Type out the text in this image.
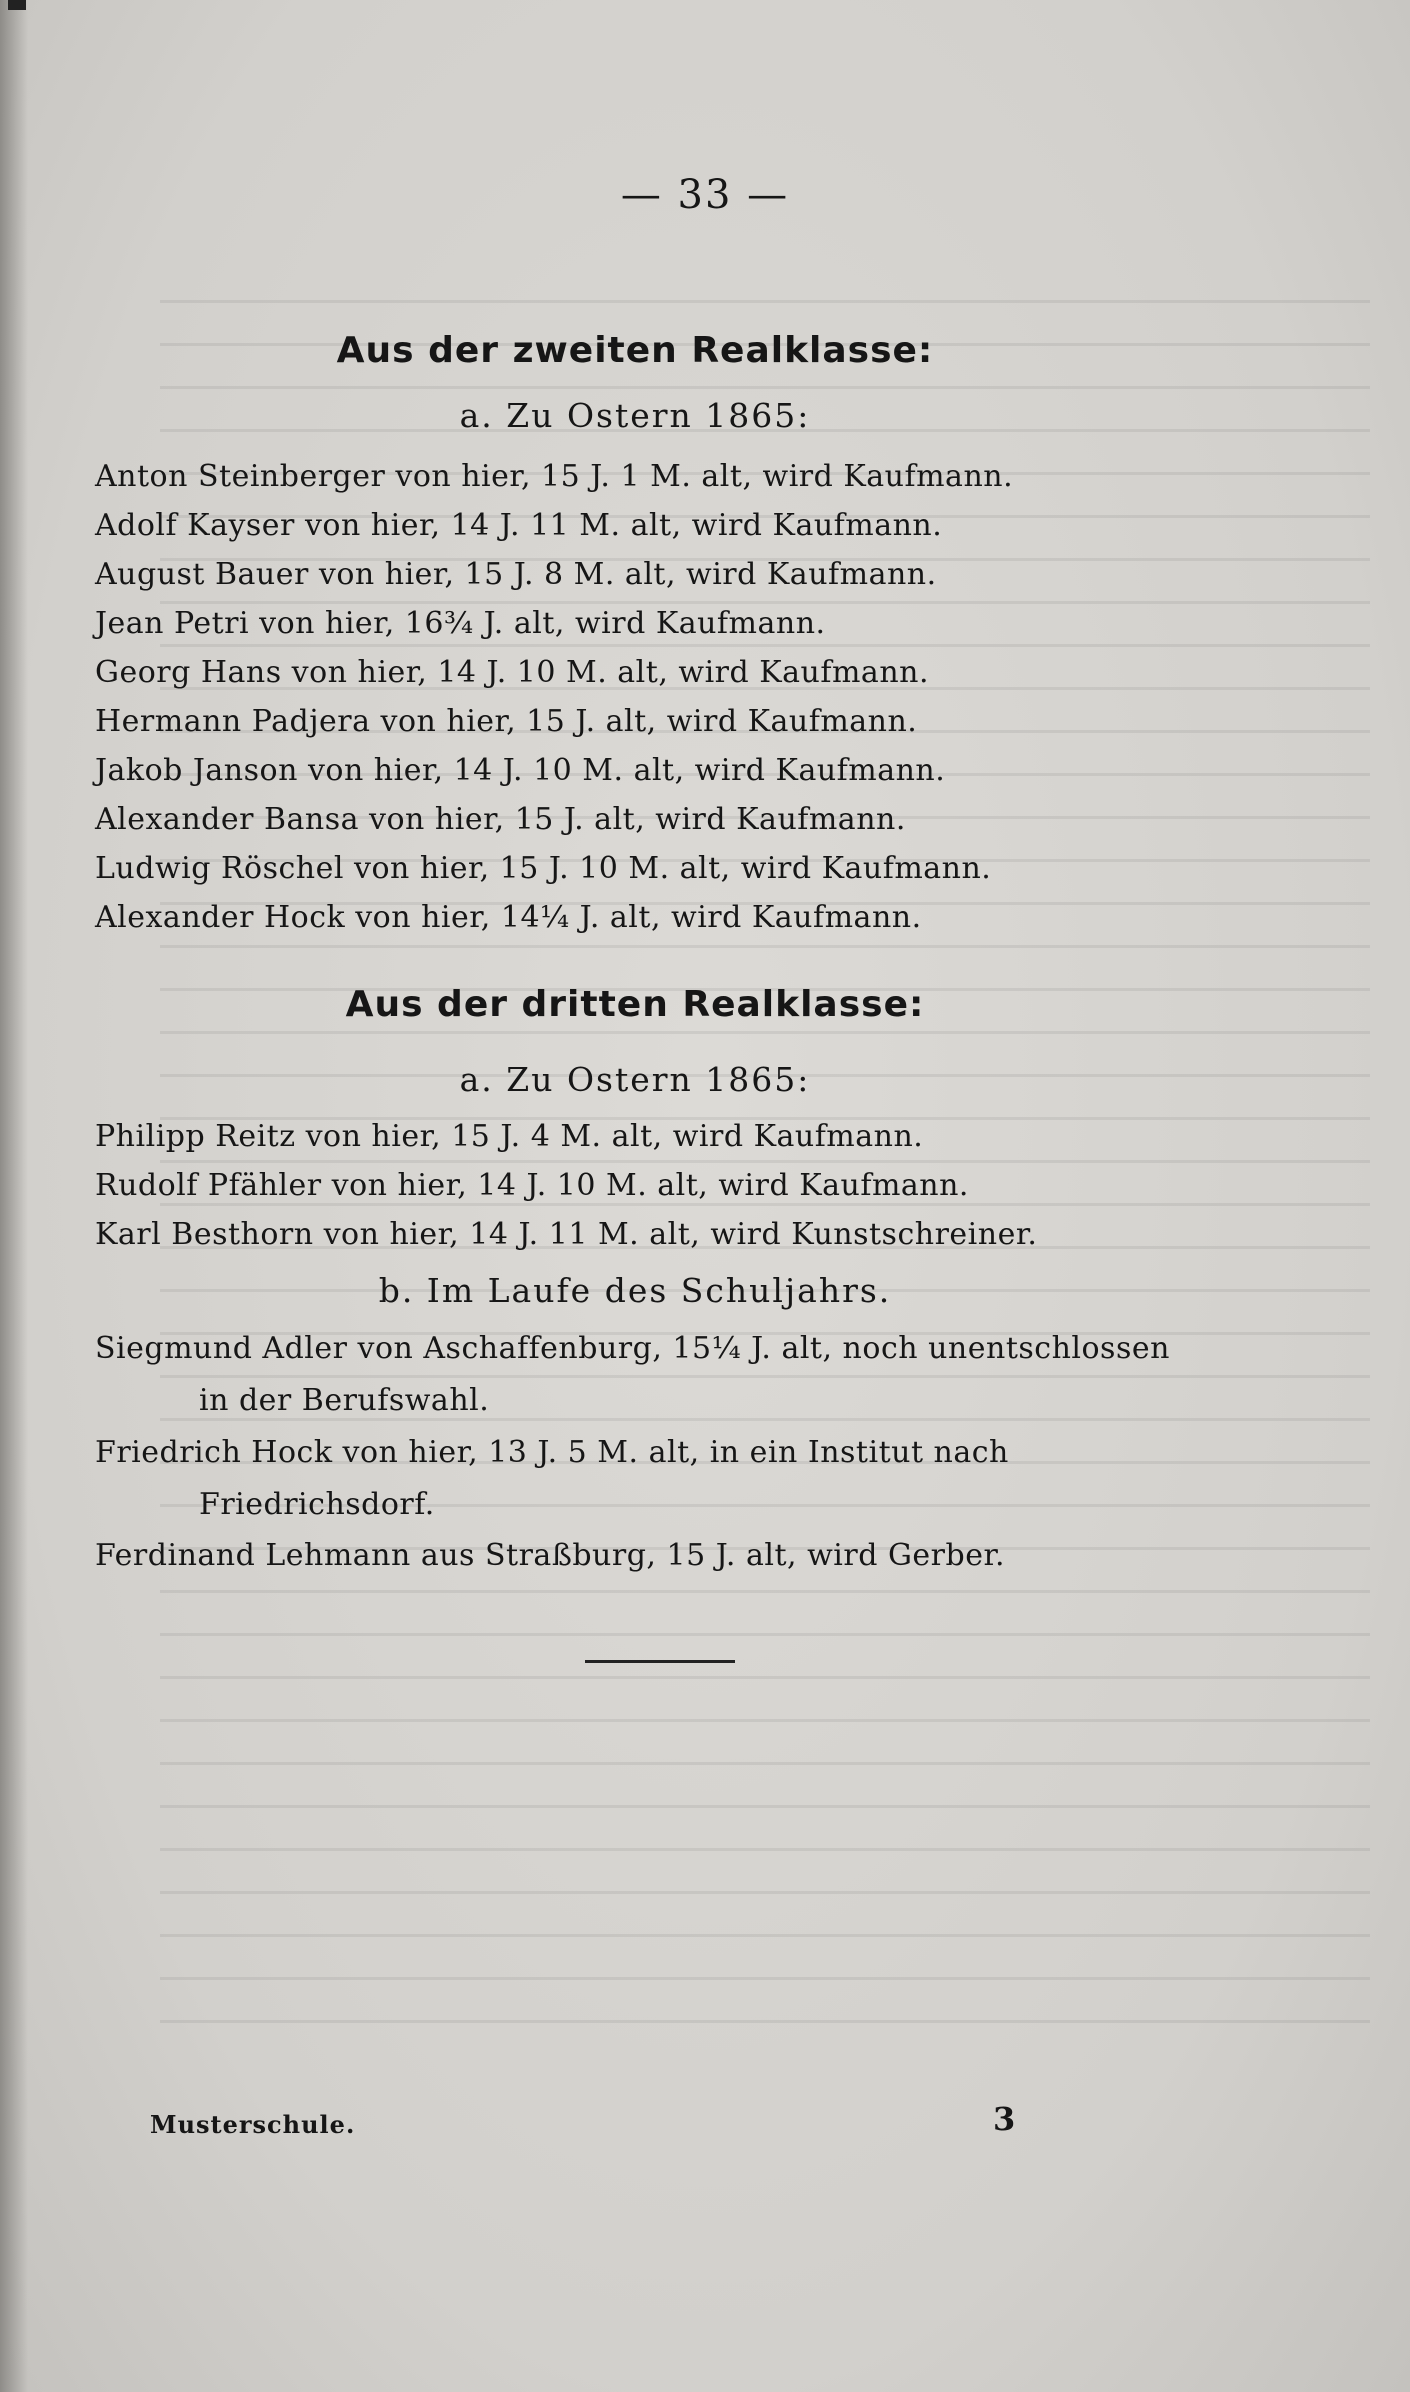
— 33 —
Aus der zweiten Realklasse:

a. Zu Ostern 1865:

Anton Steinberger von hier, 15 J. 1 M. alt, wird Kaufmann.

Adolf Kayser von hier, 14 J. 11 M. alt, wird Kaufmann.

August Bauer von hier, 15 J. 8 M. alt, wird Kaufmann.

Jean Petri von hier, 16¾ J. alt, wird Kaufmann.

Georg Hans von hier, 14 J. 10 M. alt, wird Kaufmann.

Hermann Padjera von hier, 15 J. alt, wird Kaufmann.

Jakob Janson von hier, 14 J. 10 M. alt, wird Kaufmann.

Alexander Bansa von hier, 15 J. alt, wird Kaufmann.

Ludwig Röschel von hier, 15 J. 10 M. alt, wird Kaufmann.

Alexander Hock von hier, 14¼ J. alt, wird Kaufmann.

Aus der dritten Realklasse:

a. Zu Ostern 1865:

Philipp Reitz von hier, 15 J. 4 M. alt, wird Kaufmann.

Rudolf Pfähler von hier, 14 J. 10 M. alt, wird Kaufmann.

Karl Besthorn von hier, 14 J. 11 M. alt, wird Kunstschreiner.

b. Im Laufe des Schuljahrs.

Siegmund Adler von Aschaffenburg, 15¼ J. alt, noch unentschlossen in der Berufswahl.

Friedrich Hock von hier, 13 J. 5 M. alt, in ein Institut nach Friedrichsdorf.

Ferdinand Lehmann aus Straßburg, 15 J. alt, wird Gerber.

Musterschule.	3
